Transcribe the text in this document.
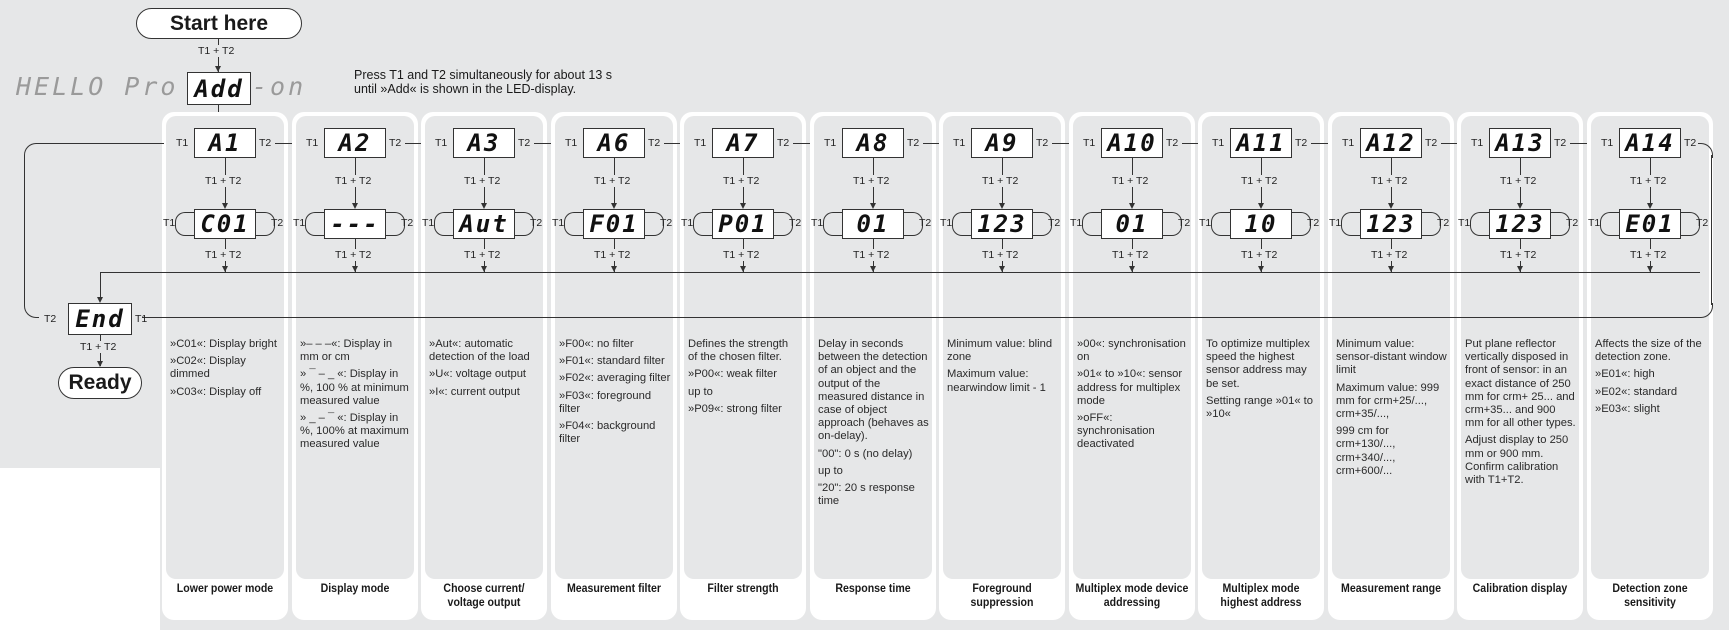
Start here
T1 + T2
HELLO Pro Add -on	Press T1 and T2 simultaneously for about 13 s
until »Add« is shown in the LED-display.
Lower power mode
A1
T1	T2
T1 + T2
C01
T1	T2
T1 + T2

»C01«: Display bright

»C02«: Display dimmed

»C03«: Display off

Display mode
A2
T1	T2
T1 + T2
---
T1	T2
T1 + T2

»– – –«: Display in mm or cm

» ¯ – _ «: Display in %, 100 % at minimum measured value

» _ – ¯ «: Display in %, 100% at maximum measured value

Choose current/ voltage output
A3
T1	T2
T1 + T2
Aut
T1	T2
T1 + T2

»Aut«: automatic detection of the load

»U«: voltage output

»I«: current output

Measurement filter
A6
T1	T2
T1 + T2
F01
T1	T2
T1 + T2

»F00«: no filter

»F01«: standard filter

»F02«: averaging filter

»F03«: foreground filter

»F04«: background filter

Filter strength
A7
T1	T2
T1 + T2
P01
T1	T2
T1 + T2

Defines the strength of the chosen filter.

»P00«: weak filter

up to

»P09«: strong filter

Response time
A8
T1	T2
T1 + T2
01
T1	T2
T1 + T2

Delay in seconds between the detection of an object and the output of the measured distance in case of object approach (behaves as on-delay).

"00": 0 s (no delay)

up to

"20": 20 s response time

Foreground suppression
A9
T1	T2
T1 + T2
123
T1	T2
T1 + T2

Minimum value: blind zone

Maximum value: nearwindow limit - 1

Multiplex mode device addressing
A10
T1	T2
T1 + T2
01
T1	T2
T1 + T2

»00«: synchronisation on

»01« to »10«: sensor address for multiplex mode

»oFF«: synchronisation deactivated

Multiplex mode highest address
A11
T1	T2
T1 + T2
10
T1	T2
T1 + T2

To optimize multiplex speed the highest sensor address may be set.

Setting range »01« to »10«

Measurement range
A12
T1	T2
T1 + T2
123
T1	T2
T1 + T2

Minimum value: sensor-distant window limit

Maximum value: 999 mm for crm+25/..., crm+35/...,

999 cm for crm+130/..., crm+340/..., crm+600/...

Calibration display
A13
T1	T2
T1 + T2
123
T1	T2
T1 + T2

Put plane reflector vertically disposed in front of sensor: in an exact distance of 250 mm for crm+ 25... and crm+35... and 900 mm for all other types.

Adjust display to 250 mm or 900 mm. Confirm calibration with T1+T2.

Detection zone sensitivity
A14
T1	T2
T1 + T2
E01
T1	T2
T1 + T2

Affects the size of the detection zone.

»E01«: high

»E02«: standard

»E03«: slight

T2 End T1
T1 + T2
Ready
